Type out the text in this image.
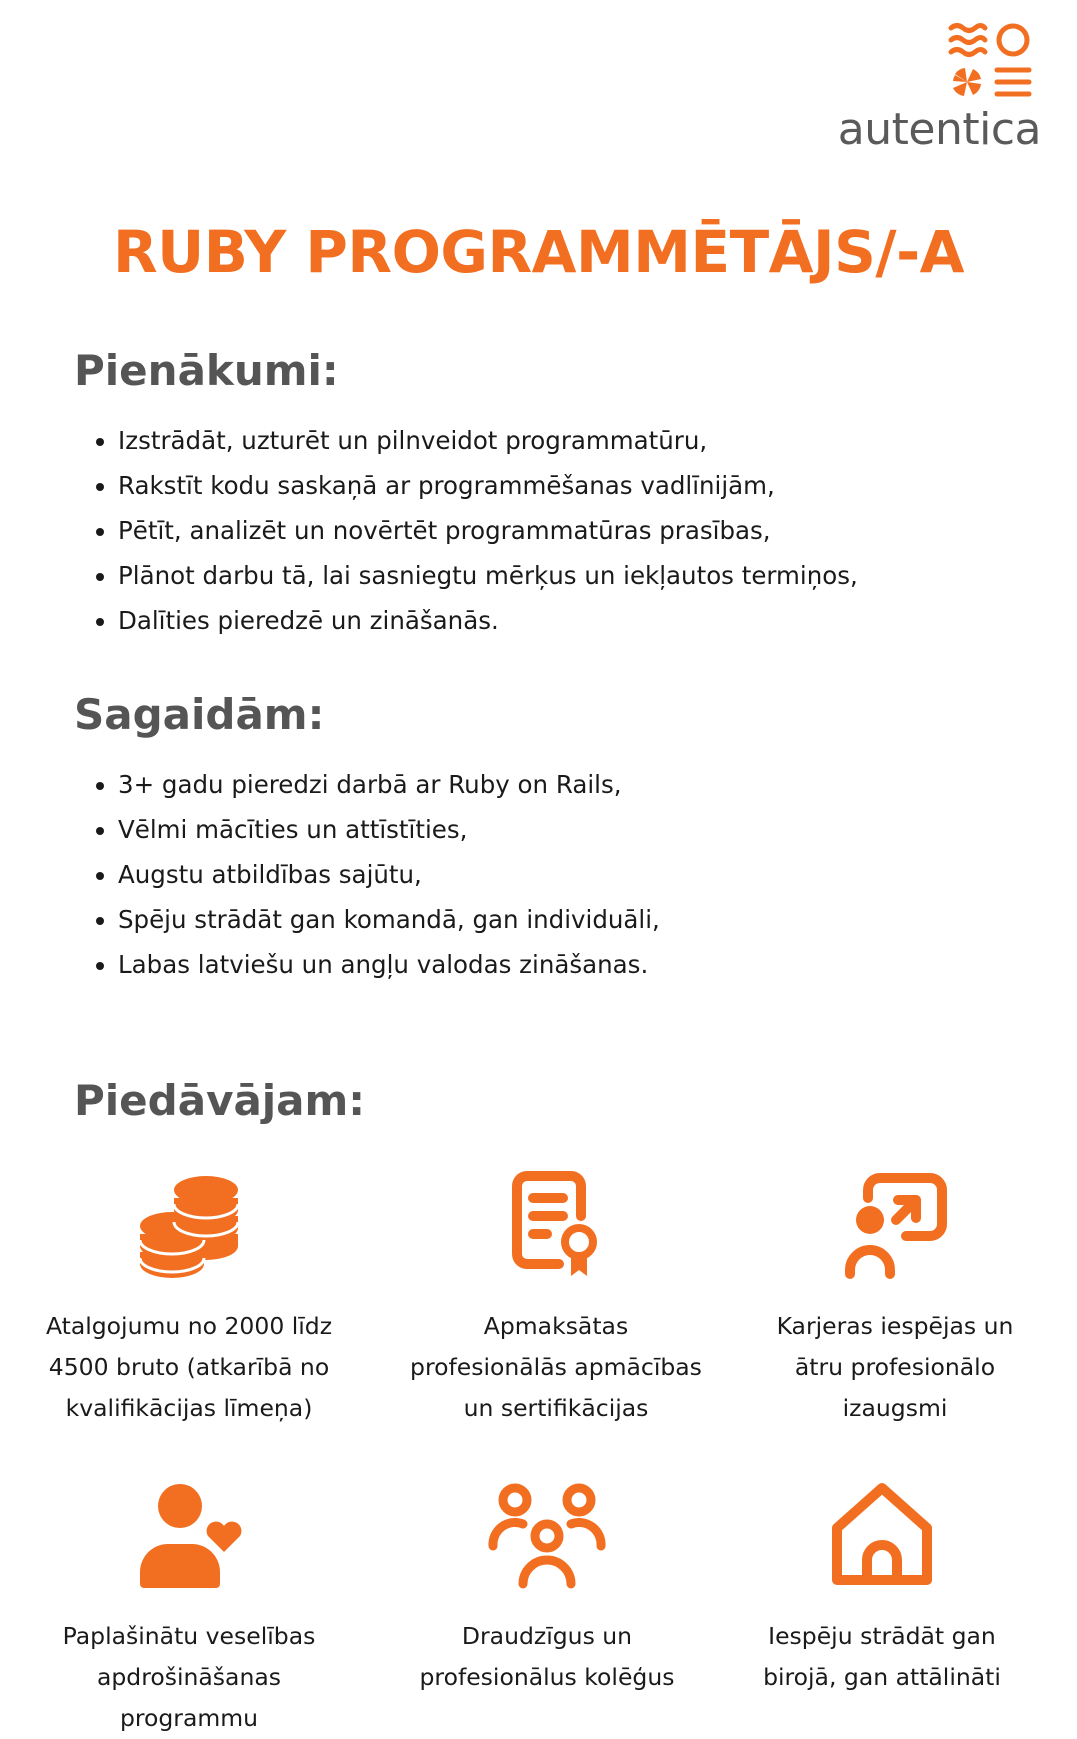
autentica
RUBY PROGRAMMĒTĀJS/-A
Pienākumi:
Izstrādāt, uzturēt un pilnveidot programmatūru,
Rakstīt kodu saskaņā ar programmēšanas vadlīnijām,
Pētīt, analizēt un novērtēt programmatūras prasības,
Plānot darbu tā, lai sasniegtu mērķus un iekļautos termiņos,
Dalīties pieredzē un zināšanās.
Sagaidām:
3+ gadu pieredzi darbā ar Ruby on Rails,
Vēlmi mācīties un attīstīties,
Augstu atbildības sajūtu,
Spēju strādāt gan komandā, gan individuāli,
Labas latviešu un angļu valodas zināšanas.
Piedāvājam:
Atalgojumu no 2000 līdz
4500 bruto (atkarībā no
kvalifikācijas līmeņa)
Apmaksātas
profesionālās apmācības
un sertifikācijas
Karjeras iespējas un
ātru profesionālo
izaugsmi
Paplašinātu veselības
apdrošināšanas
programmu
Draudzīgus un
profesionālus kolēģus
Iespēju strādāt gan
birojā, gan attālināti
